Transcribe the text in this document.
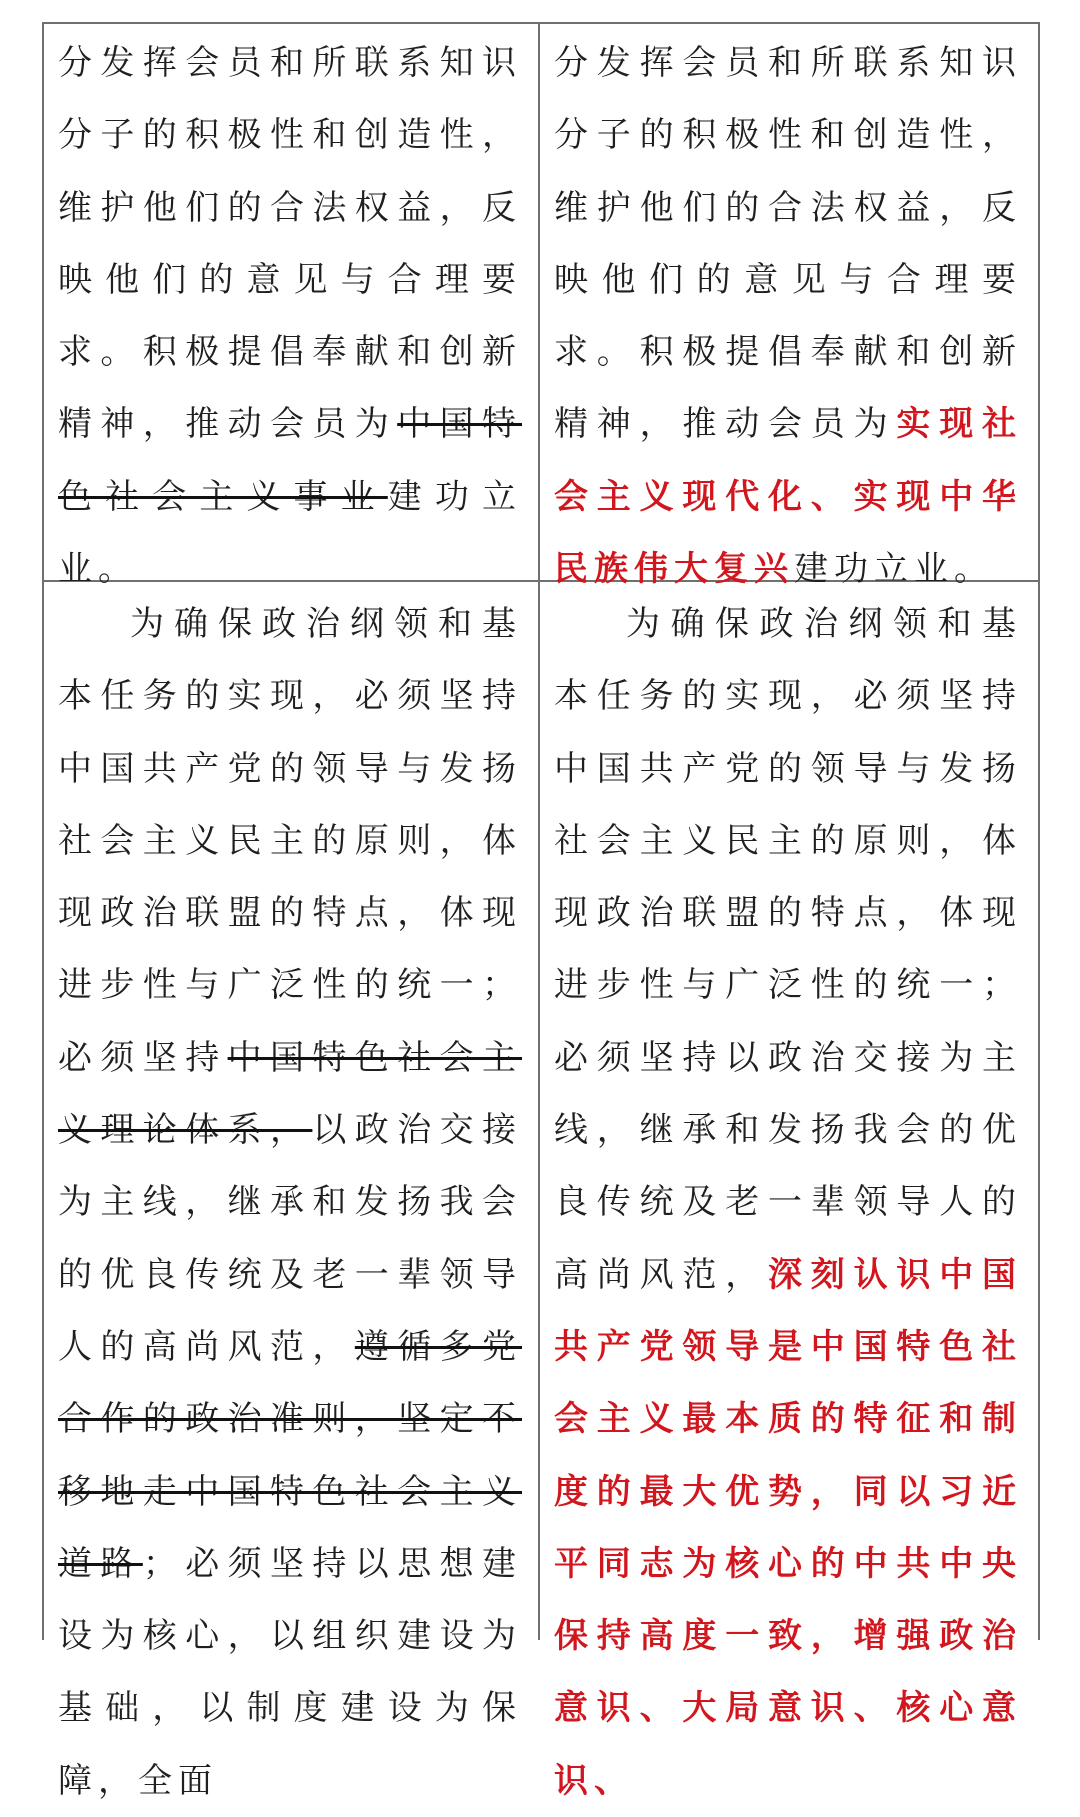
分发挥会员和所联系知识分子的积极性和创造性，维护他们的合法权益，反映他们的意见与合理要求。积极提倡奉献和创新精神，推动会员为中国特色社会主义事业建功立业。

分发挥会员和所联系知识分子的积极性和创造性，维护他们的合法权益，反映他们的意见与合理要求。积极提倡奉献和创新精神，推动会员为实现社会主义现代化、实现中华民族伟大复兴建功立业。

为确保政治纲领和基本任务的实现，必须坚持中国共产党的领导与发扬社会主义民主的原则，体现政治联盟的特点，体现进步性与广泛性的统一；必须坚持中国特色社会主义理论体系，以政治交接为主线，继承和发扬我会的优良传统及老一辈领导人的高尚风范，遵循多党合作的政治准则，坚定不移地走中国特色社会主义道路；必须坚持以思想建设为核心，以组织建设为基础，以制度建设为保障，全面

为确保政治纲领和基本任务的实现，必须坚持中国共产党的领导与发扬社会主义民主的原则，体现政治联盟的特点，体现进步性与广泛性的统一；必须坚持以政治交接为主线，继承和发扬我会的优良传统及老一辈领导人的高尚风范，深刻认识中国共产党领导是中国特色社会主义最本质的特征和制度的最大优势，同以习近平同志为核心的中共中央保持高度一致，增强政治意识、大局意识、核心意识、
